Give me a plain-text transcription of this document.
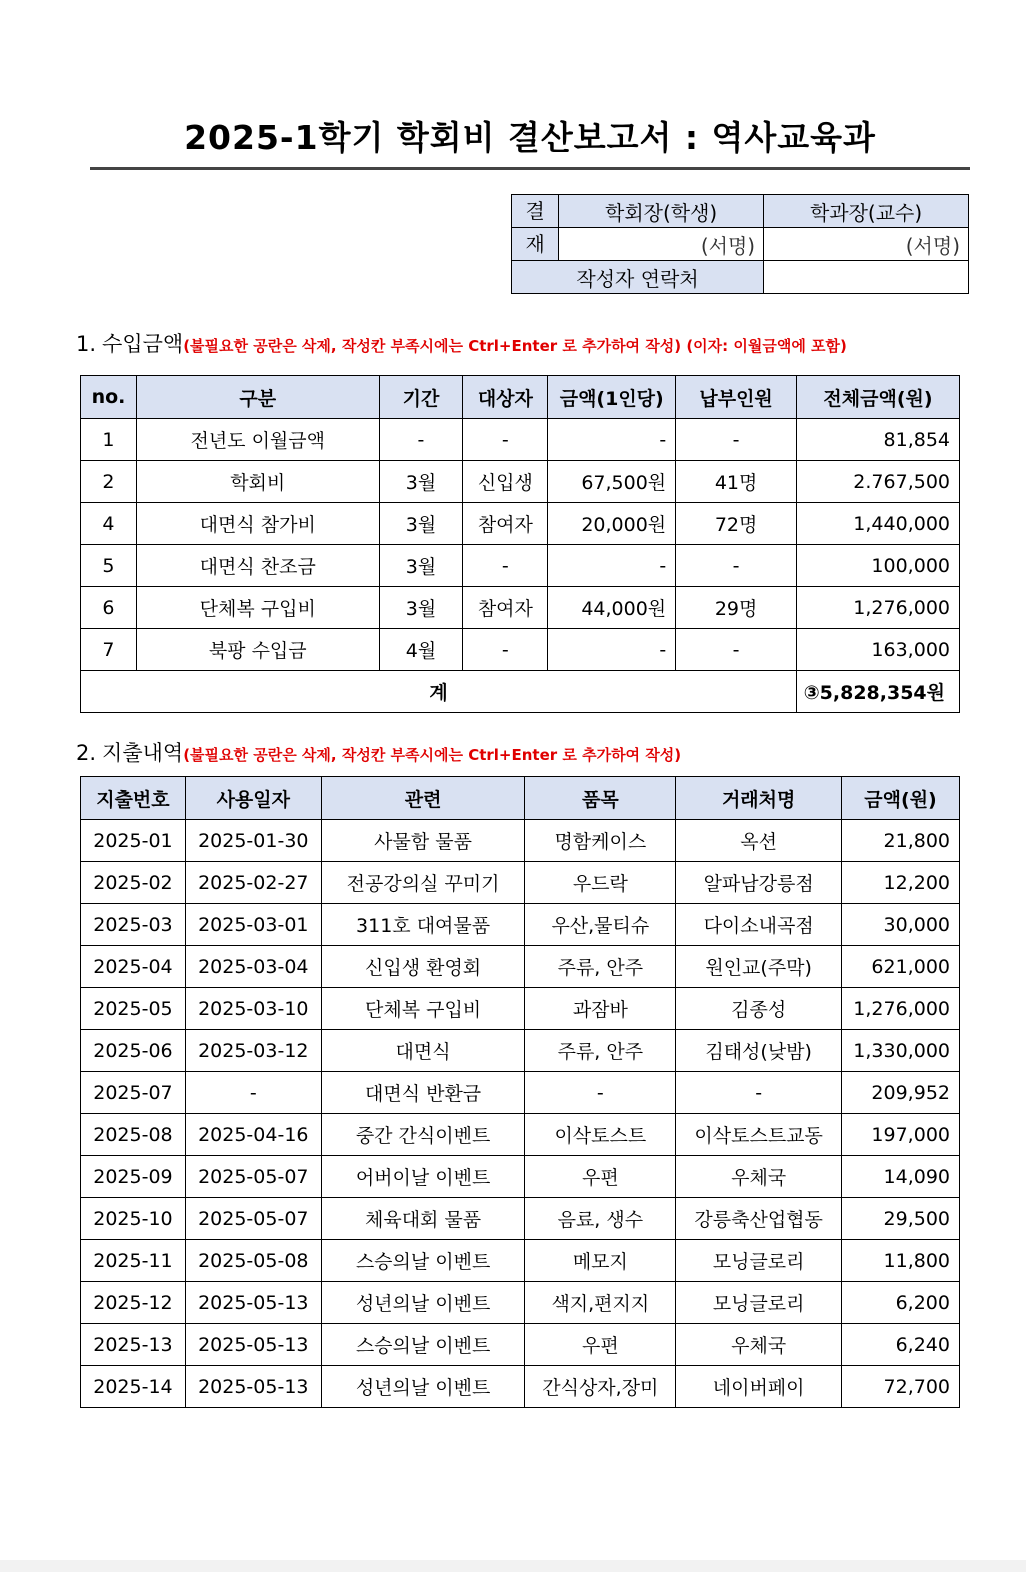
2025-1학기 학회비 결산보고서 : 역사교육과
결	학회장(학생)	학과장(교수)
재	(서명)	(서명)
작성자 연락처		
1. 수입금액(불필요한 공란은 삭제, 작성칸 부족시에는 Ctrl+Enter 로 추가하여 작성) (이자: 이월금액에 포함)
no.	구분	기간	대상자	금액(1인당)	납부인원	전체금액(원)
1	전년도 이월금액	-	-	-	-	81,854
2	학회비	3월	신입생	67,500원	41명	2.767,500
4	대면식 참가비	3월	참여자	20,000원	72명	1,440,000
5	대면식 찬조금	3월	-	-	-	100,000
6	단체복 구입비	3월	참여자	44,000원	29명	1,276,000
7	북팡 수입금	4월	-	-	-	163,000
계						③5,828,354원
2. 지출내역(불필요한 공란은 삭제, 작성칸 부족시에는 Ctrl+Enter 로 추가하여 작성)
지출번호	사용일자	관련	품목	거래처명	금액(원)
2025-01	2025-01-30	사물함 물품	명함케이스	옥션	21,800
2025-02	2025-02-27	전공강의실 꾸미기	우드락	알파남강릉점	12,200
2025-03	2025-03-01	311호 대여물품	우산,물티슈	다이소내곡점	30,000
2025-04	2025-03-04	신입생 환영회	주류, 안주	원인교(주막)	621,000
2025-05	2025-03-10	단체복 구입비	과잠바	김종성	1,276,000
2025-06	2025-03-12	대면식	주류, 안주	김태성(낮밤)	1,330,000
2025-07	-	대면식 반환금	-	-	209,952
2025-08	2025-04-16	중간 간식이벤트	이삭토스트	이삭토스트교동	197,000
2025-09	2025-05-07	어버이날 이벤트	우편	우체국	14,090
2025-10	2025-05-07	체육대회 물품	음료, 생수	강릉축산업협동	29,500
2025-11	2025-05-08	스승의날 이벤트	메모지	모닝글로리	11,800
2025-12	2025-05-13	성년의날 이벤트	색지,편지지	모닝글로리	6,200
2025-13	2025-05-13	스승의날 이벤트	우편	우체국	6,240
2025-14	2025-05-13	성년의날 이벤트	간식상자,장미	네이버페이	72,700
